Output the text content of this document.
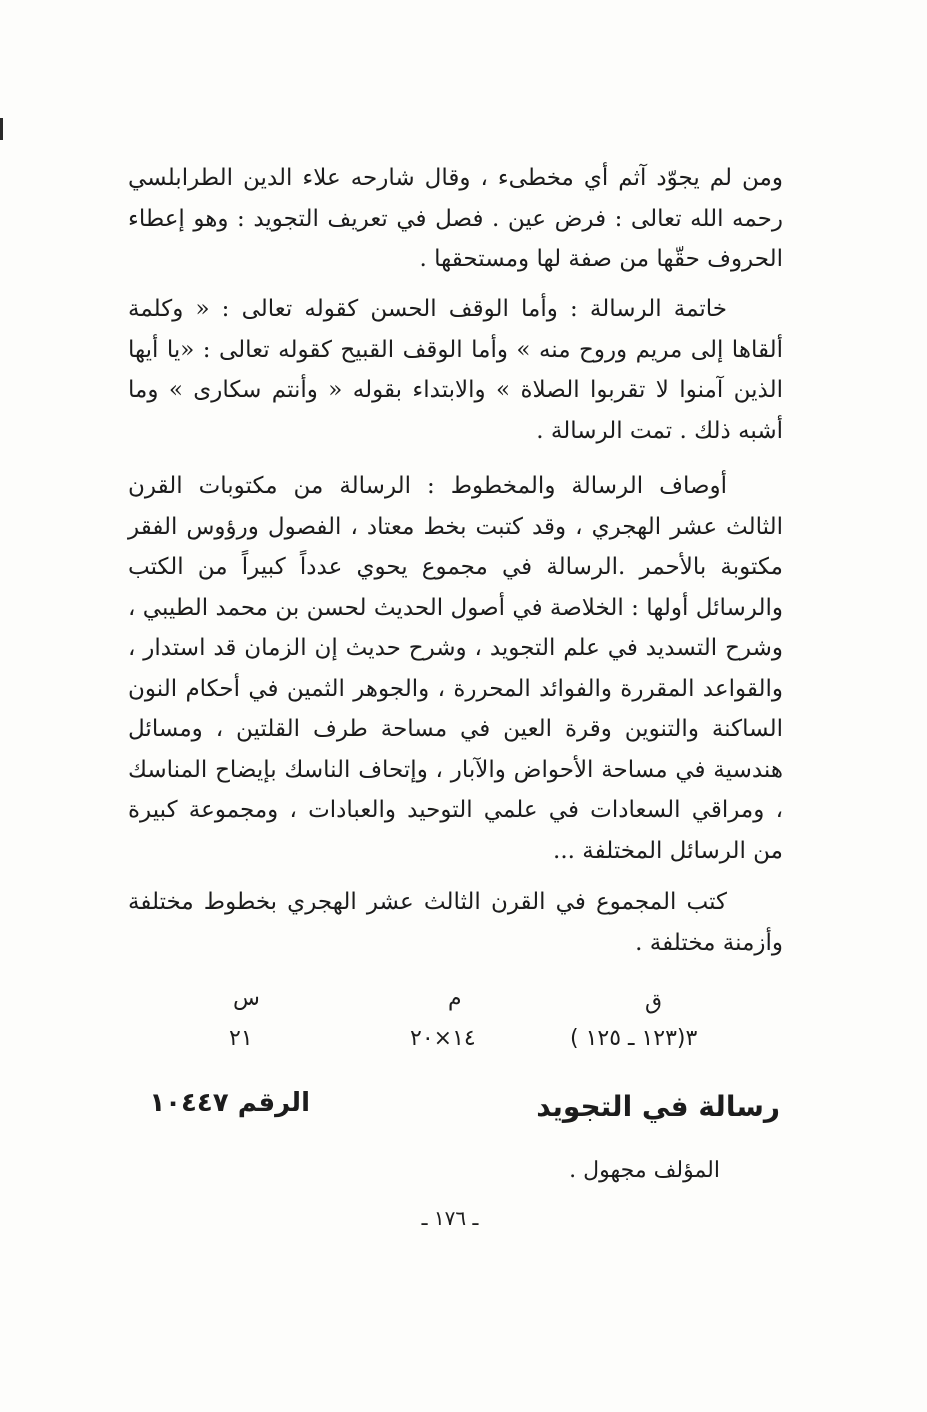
ومن لم يجوّد آثم أي مخطىء ، وقال شارحه علاء الدين الطرابلسي رحمه الله تعالى : فرض عين . فصل في تعريف التجويد : وهو إعطاء الحروف حقّها من صفة لها ومستحقها .

خاتمة الرسالة : وأما الوقف الحسن كقوله تعالى : « وكلمة ألقاها إلى مريم وروح منه » وأما الوقف القبيح كقوله تعالى : «يا أيها الذين آمنوا لا تقربوا الصلاة » والابتداء بقوله « وأنتم سكارى » وما أشبه ذلك . تمت الرسالة .

أوصاف الرسالة والمخطوط : الرسالة من مكتوبات القرن الثالث عشر الهجري ، وقد كتبت بخط معتاد ، الفصول ورؤوس الفقر مكتوبة بالأحمر .الرسالة في مجموع يحوي عدداً كبيراً من الكتب والرسائل أولها : الخلاصة في أصول الحديث لحسن بن محمد الطيبي ، وشرح التسديد في علم التجويد ، وشرح حديث إن الزمان قد استدار ، والقواعد المقررة والفوائد المحررة ، والجوهر الثمين في أحكام النون الساكنة والتنوين وقرة العين في مساحة طرف القلتين ، ومسائل هندسية في مساحة الأحواض والآبار ، وإتحاف الناسك بإيضاح المناسك ، ومراقي السعادات في علمي التوحيد والعبادات ، ومجموعة كبيرة من الرسائل المختلفة ...

كتب المجموع في القرن الثالث عشر الهجري بخطوط مختلفة وأزمنة مختلفة .

ق
م
س
٣(١٢٣ ـ ١٢٥ )
١٤×٢٠
٢١
رسالة في التجويد
الرقم ١٠٤٤٧
المؤلف مجهول .
ـ ١٧٦ ـ
